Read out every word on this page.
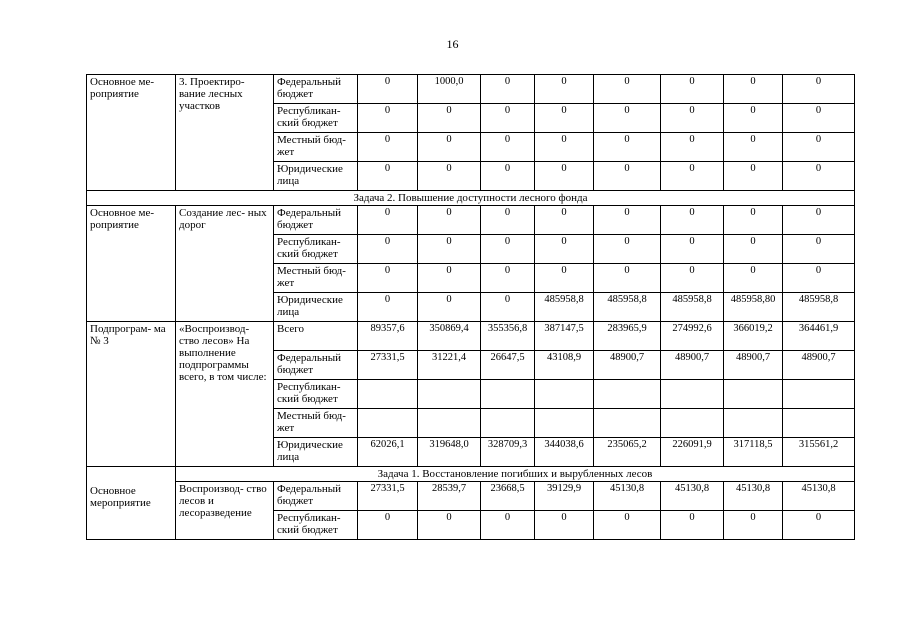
16
Основное ме- роприятие	3. Проектиро- вание лесных участков	Федеральный бюджет	0	1000,0	0	0	0	0	0	0
		Республикан- ский бюджет	0	0	0	0	0	0	0	0
		Местный бюд- жет	0	0	0	0	0	0	0	0
		Юридические лица	0	0	0	0	0	0	0	0
Задача 2. Повышение доступности лесного фонда										
Основное ме- роприятие	Создание лес- ных дорог	Федеральный бюджет	0	0	0	0	0	0	0	0
		Республикан- ский бюджет	0	0	0	0	0	0	0	0
		Местный бюд- жет	0	0	0	0	0	0	0	0
		Юридические лица	0	0	0	485958,8	485958,8	485958,8	485958,80	485958,8
Подпрограм- ма № 3	«Воспроизвод- ство лесов» На выполнение подпрограммы всего, в том числе:	Всего	89357,6	350869,4	355356,8	387147,5	283965,9	274992,6	366019,2	364461,9
		Федеральный бюджет	27331,5	31221,4	26647,5	43108,9	48900,7	48900,7	48900,7	48900,7
		Республикан- ский бюджет								
		Местный бюд- жет								
		Юридические лица	62026,1	319648,0	328709,3	344038,6	235065,2	226091,9	317118,5	315561,2
Основное мероприятие	Задача 1. Восстановление погибших и вырубленных лесов									
	Воспроизвод- ство лесов и лесоразведение	Федеральный бюджет	27331,5	28539,7	23668,5	39129,9	45130,8	45130,8	45130,8	45130,8
		Республикан- ский бюджет	0	0	0	0	0	0	0	0
